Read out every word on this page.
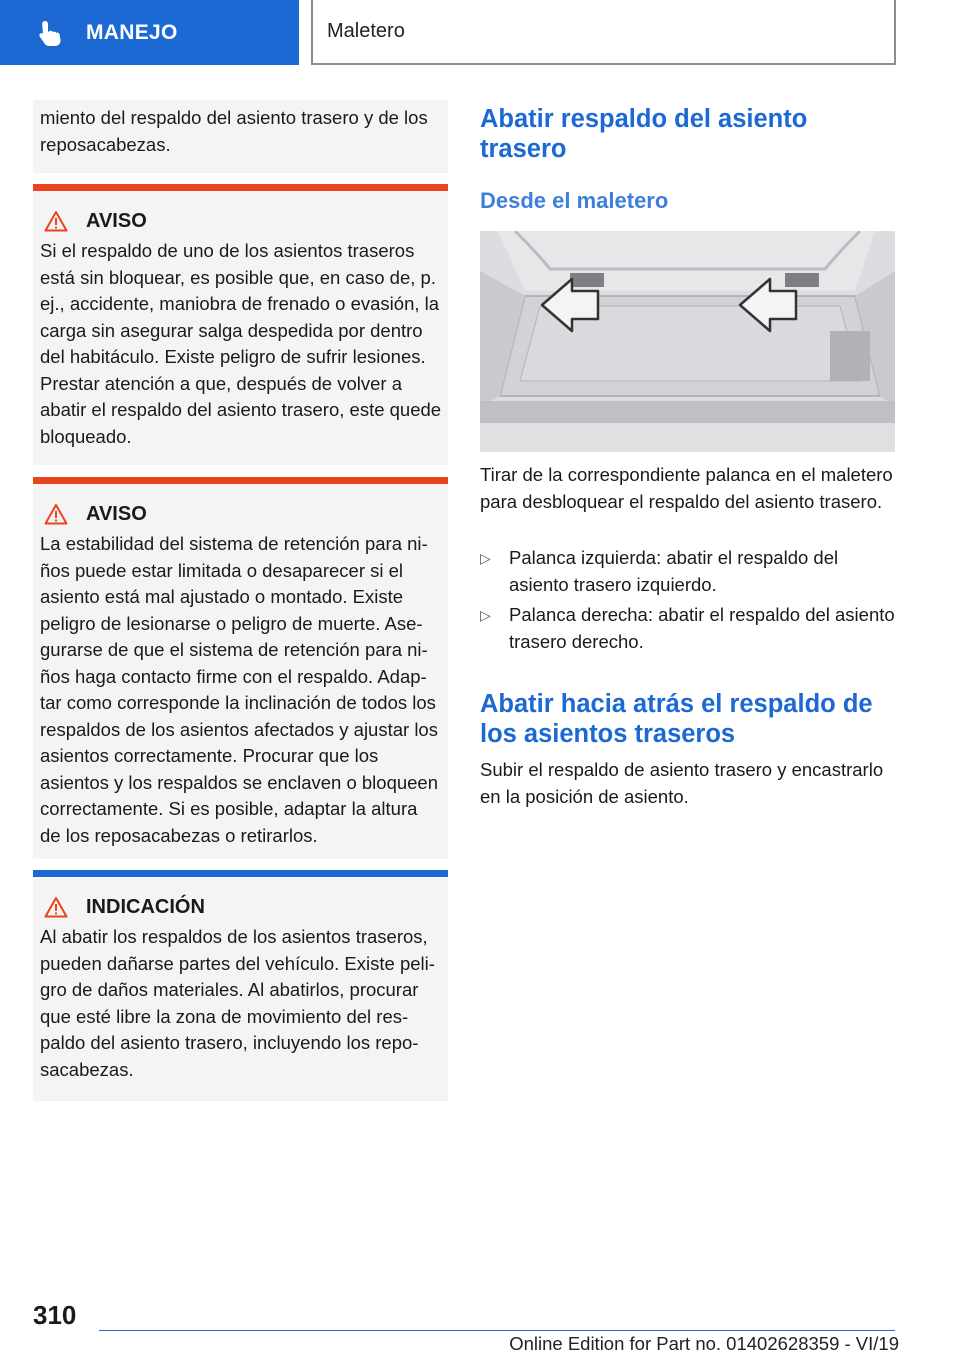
MANEJO	Maletero

miento del respaldo del asiento trasero y de los reposacabezas.

AVISO

Si el respaldo de uno de los asientos traseros está sin bloquear, es posible que, en caso de, p. ej., accidente, maniobra de frenado o evasión, la carga sin asegurar salga despedida por dentro del habitáculo. Existe peligro de sufrir lesiones. Prestar atención a que, después de volver a abatir el respaldo del asiento trasero, este quede bloqueado.

AVISO

La estabilidad del sistema de retención para niños puede estar limitada o desaparecer si el asiento está mal ajustado o montado. Existe peligro de lesionarse o peligro de muerte. Asegurarse de que el sistema de retención para niños haga contacto firme con el respaldo. Adaptar como corresponde la inclinación de todos los respaldos de los asientos afectados y ajustar los asientos correctamente. Procurar que los asientos y los respaldos se enclaven o bloqueen correctamente. Si es posible, adaptar la altura de los reposacabezas o retirarlos.

INDICACIÓN

Al abatir los respaldos de los asientos traseros, pueden dañarse partes del vehículo. Existe peligro de daños materiales. Al abatirlos, procurar que esté libre la zona de movimiento del respaldo del asiento trasero, incluyendo los reposacabezas.

Abatir respaldo del asiento trasero
Desde el maletero

Tirar de la correspondiente palanca en el maletero para desbloquear el respaldo del asiento trasero.

▷ Palanca izquierda: abatir el respaldo del asiento trasero izquierdo.

▷ Palanca derecha: abatir el respaldo del asiento trasero derecho.

Abatir hacia atrás el respaldo de los asientos traseros

Subir el respaldo de asiento trasero y encastrarlo en la posición de asiento.

310
Online Edition for Part no. 01402628359 - VI/19
